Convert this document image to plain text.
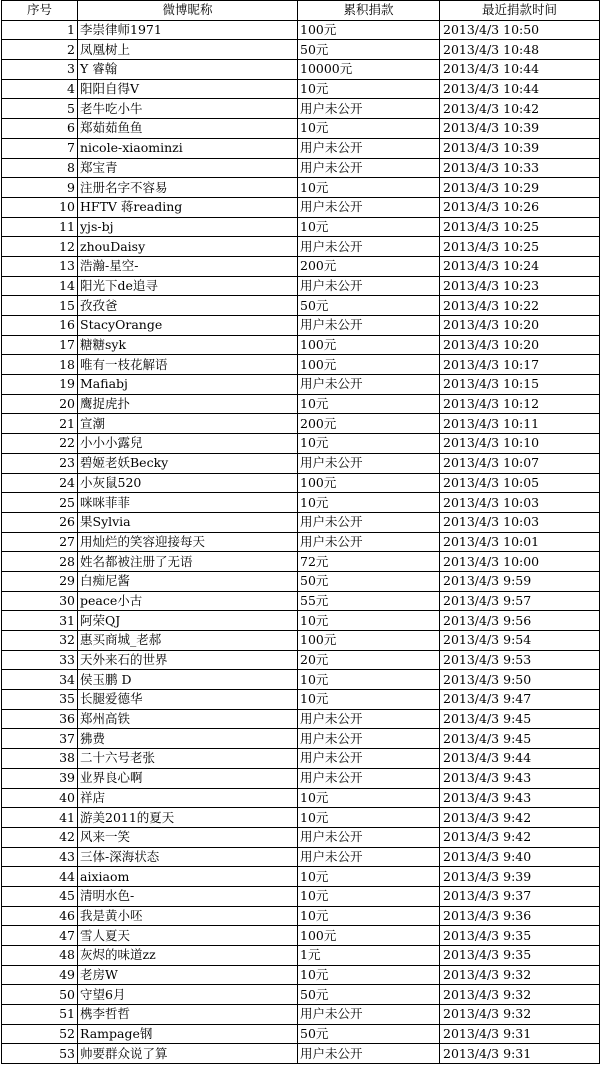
序号	微博昵称	累积捐款	最近捐款时间
1	李崇律师1971	100元	2013/4/3 10:50
2	凤凰树上	50元	2013/4/3 10:48
3	Y 睿翰	10000元	2013/4/3 10:44
4	阳阳自得V	10元	2013/4/3 10:44
5	老牛吃小牛	用户未公开	2013/4/3 10:42
6	郑茹茹鱼鱼	10元	2013/4/3 10:39
7	nicole-xiaominzi	用户未公开	2013/4/3 10:39
8	郑宝青	用户未公开	2013/4/3 10:33
9	注册名字不容易	10元	2013/4/3 10:29
10	HFTV 蒋reading	用户未公开	2013/4/3 10:26
11	yjs-bj	10元	2013/4/3 10:25
12	zhouDaisy	用户未公开	2013/4/3 10:25
13	浩瀚-星空-	200元	2013/4/3 10:24
14	阳光下de追寻	用户未公开	2013/4/3 10:23
15	孜孜爸	50元	2013/4/3 10:22
16	StacyOrange	用户未公开	2013/4/3 10:20
17	糖糖syk	100元	2013/4/3 10:20
18	唯有一枝花解语	100元	2013/4/3 10:17
19	Mafiabj	用户未公开	2013/4/3 10:15
20	鹰捉虎扑	10元	2013/4/3 10:12
21	宣潮	200元	2013/4/3 10:11
22	小小小露兒	10元	2013/4/3 10:10
23	碧姬老妖Becky	用户未公开	2013/4/3 10:07
24	小灰鼠520	100元	2013/4/3 10:05
25	咪咪菲菲	10元	2013/4/3 10:03
26	果Sylvia	用户未公开	2013/4/3 10:03
27	用灿烂的笑容迎接每天	用户未公开	2013/4/3 10:01
28	姓名都被注册了无语	72元	2013/4/3 10:00
29	白痴尼酱	50元	2013/4/3 9:59
30	peace小古	55元	2013/4/3 9:57
31	阿荣QJ	10元	2013/4/3 9:56
32	惠买商城_老郝	100元	2013/4/3 9:54
33	天外来石的世界	20元	2013/4/3 9:53
34	侯玉鹏 D	10元	2013/4/3 9:50
35	长腿爱德华	10元	2013/4/3 9:47
36	郑州高铁	用户未公开	2013/4/3 9:45
37	狒费	用户未公开	2013/4/3 9:45
38	二十六号老张	用户未公开	2013/4/3 9:44
39	业界良心啊	用户未公开	2013/4/3 9:43
40	祥店	10元	2013/4/3 9:43
41	游美2011的夏天	10元	2013/4/3 9:42
42	风来一笑	用户未公开	2013/4/3 9:42
43	三体-深海状态	用户未公开	2013/4/3 9:40
44	aixiaom	10元	2013/4/3 9:39
45	清明水色-	10元	2013/4/3 9:37
46	我是黄小呸	10元	2013/4/3 9:36
47	雪人夏天	100元	2013/4/3 9:35
48	灰烬的味道zz	1元	2013/4/3 9:35
49	老房W	10元	2013/4/3 9:32
50	守望6月	50元	2013/4/3 9:32
51	槜李哲哲	用户未公开	2013/4/3 9:32
52	Rampage钢	50元	2013/4/3 9:31
53	帅要群众说了算	用户未公开	2013/4/3 9:31
